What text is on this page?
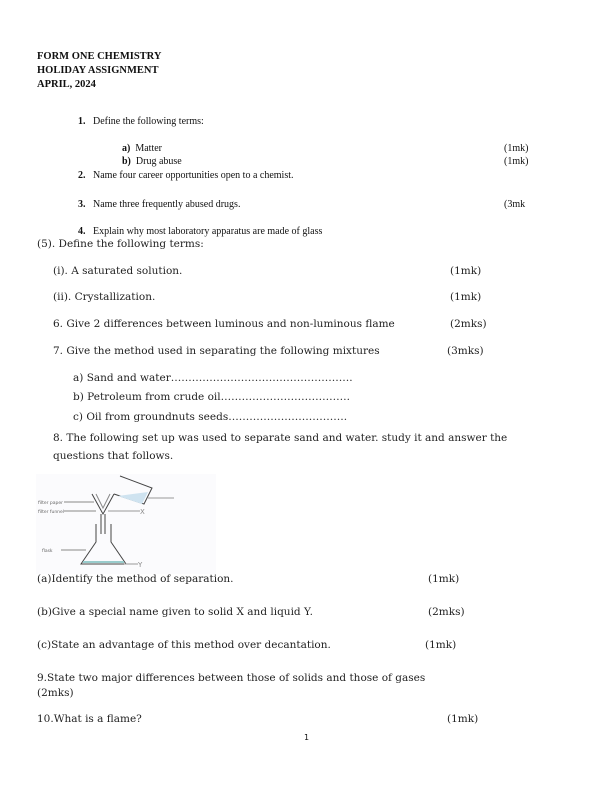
FORM ONE CHEMISTRY
HOLIDAY ASSIGNMENT
APRIL, 2024
1. Define the following terms:
a) Matter	(1mk)
b) Drug abuse	(1mk)
2. Name four career opportunities open to a chemist.
3. Name three frequently abused drugs.	(3mk
4. Explain why most laboratory apparatus are made of glass
(5). Define the following terms:
(i). A saturated solution.	(1mk)
(ii). Crystallization.	(1mk)
6. Give 2 differences between luminous and non-luminous flame	(2mks)
7. Give the method used in separating the following mixtures	(3mks)
a) Sand and water…………………………………………….
b) Petroleum from crude oil……………………………….
c) Oil from groundnuts seeds…………………………….
8. The following set up was used to separate sand and water. study it and answer the
questions that follows.
filter paper
filter funnel
flask
X
Y
(a)Identify the method of separation.	(1mk)
(b)Give a special name given to solid X and liquid Y.	(2mks)
(c)State an advantage of this method over decantation.	(1mk)
9.State two major differences between those of solids and those of gases
(2mks)
10.What is a flame?	(1mk)
1
